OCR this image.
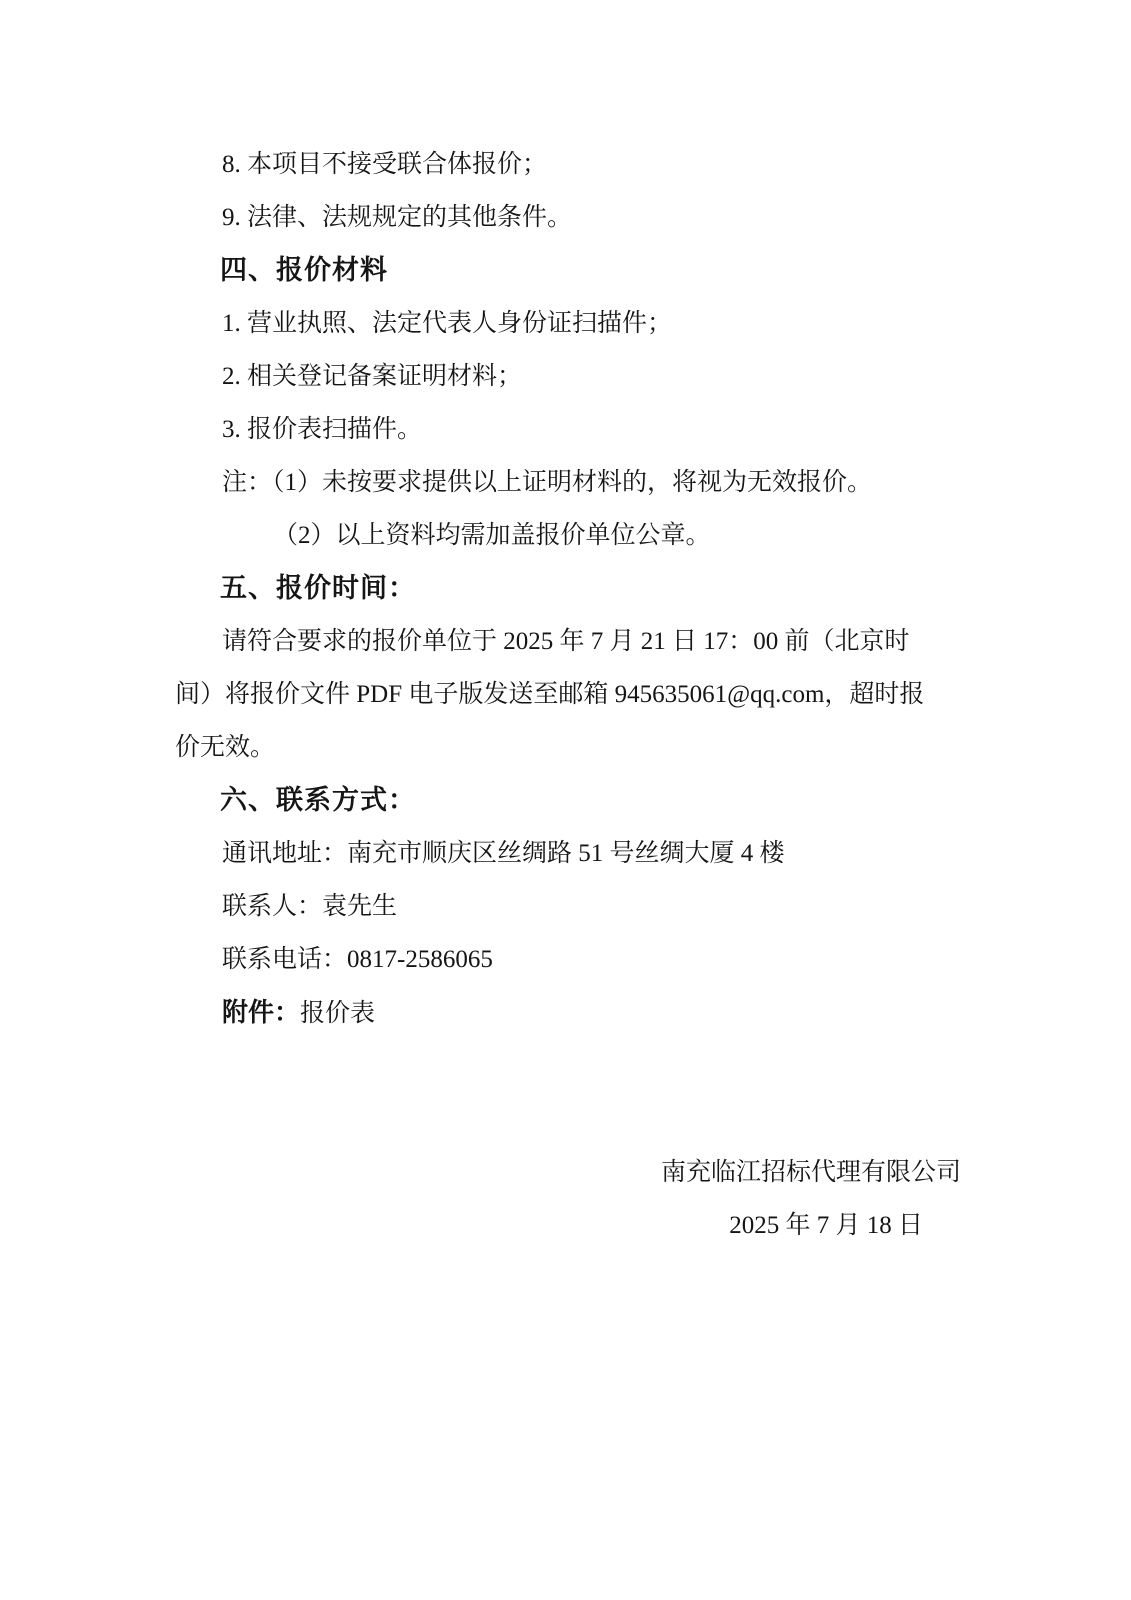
8. 本项目不接受联合体报价；

9. 法律、法规规定的其他条件。

四、报价材料

1. 营业执照、法定代表人身份证扫描件；

2. 相关登记备案证明材料；

3. 报价表扫描件。

注：（1）未按要求提供以上证明材料的，将视为无效报价。

（2）以上资料均需加盖报价单位公章。

五、报价时间：

请符合要求的报价单位于 2025 年 7 月 21 日 17：00 前（北京时

间）将报价文件 PDF 电子版发送至邮箱 945635061@qq.com，超时报

价无效。

六、联系方式：

通讯地址：南充市顺庆区丝绸路 51 号丝绸大厦 4 楼

联系人：袁先生

联系电话：0817-2586065

附件：报价表

南充临江招标代理有限公司

2025 年 7 月 18 日
